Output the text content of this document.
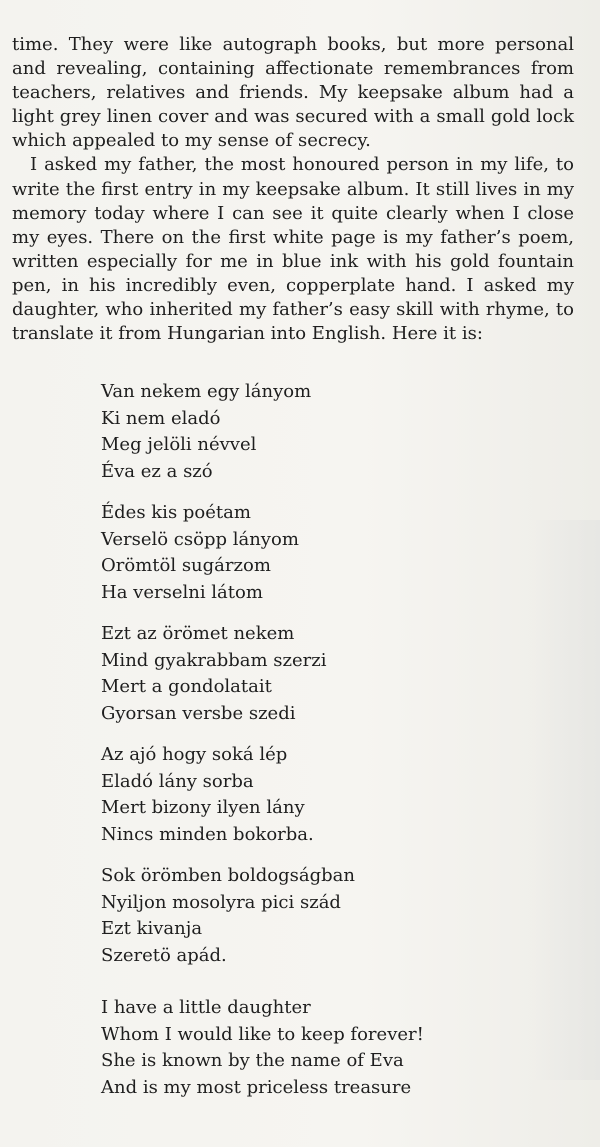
time. They were like autograph books, but more personal and revealing, containing affectionate remembrances from teachers, relatives and friends. My keepsake album had a light grey linen cover and was secured with a small gold lock which appealed to my sense of secrecy.

I asked my father, the most honoured person in my life, to write the first entry in my keepsake album. It still lives in my memory today where I can see it quite clearly when I close my eyes. There on the first white page is my father’s poem, written especially for me in blue ink with his gold fountain pen, in his incredibly even, copperplate hand. I asked my daughter, who inherited my father’s easy skill with rhyme, to translate it from Hungarian into English. Here it is:

Van nekem egy lányom
Ki nem eladó
Meg jelöli névvel
Éva ez a szó
Édes kis poétam
Verselö csöpp lányom
Orömtöl sugárzom
Ha verselni látom
Ezt az örömet nekem
Mind gyakrabbam szerzi
Mert a gondolatait
Gyorsan versbe szedi
Az ajó hogy soká lép
Eladó lány sorba
Mert bizony ilyen lány
Nincs minden bokorba.
Sok örömben boldogságban
Nyiljon mosolyra pici szád
Ezt kivanja
Szeretö apád.
I have a little daughter
Whom I would like to keep forever!
She is known by the name of Eva
And is my most priceless treasure
